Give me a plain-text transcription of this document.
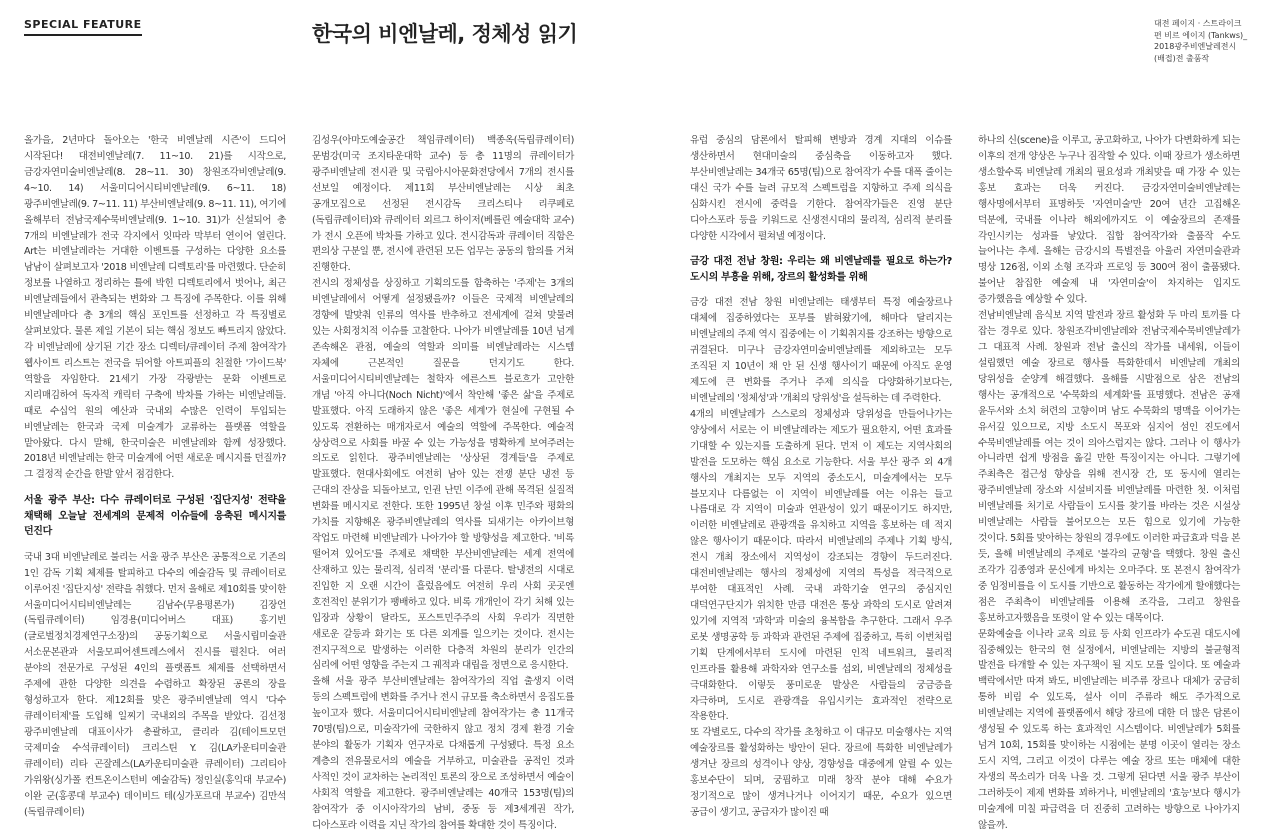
SPECIAL FEATURE	한국의 비엔날레, 정체성 읽기	대전 페이지 · 스트라이크
편 비르 에이지 (Tankws)_
2018광주비엔날레전시
(배접)전 출품작

올가을, 2년마다 돌아오는 '한국 비엔날레 시즌'이 드디어 시작된다! 대전비엔날레(7. 11~10. 21)를 시작으로, 금강자연미술비엔날레(8. 28~11. 30) 창원조각비엔날레(9. 4~10. 14) 서울미디어시티비엔날레(9. 6~11. 18) 광주비엔날레(9. 7~11. 11) 부산비엔날레(9. 8~11. 11), 여기에 올해부터 전남국제수묵비엔날레(9. 1~10. 31)가 신설되어 총 7개의 비엔날레가 전국 각지에서 잇따라 막부터 연이어 열린다. Art는 비엔날레라는 거대한 이벤트를 구성하는 다양한 요소를 남남이 살펴보고자 '2018 비엔날레 디렉토리'를 마련했다. 단순히 정보를 나열하고 정리하는 틀에 박힌 디렉토리에서 벗어나, 최근 비엔날레들에서 관측되는 변화와 그 특징에 주목한다. 이를 위해 비엔날레마다 총 3개의 핵심 포인트를 선정하고 각 특징별로 살펴보았다. 물론 제일 기본이 되는 핵심 정보도 빠트리지 않았다. 각 비엔날레에 상기된 기간 장소 디렉터/큐레이터 주제 참여작가 웹사이트 리스트는 전국을 뒤어할 아트피플의 친절한 '가이드북' 역할을 자임한다. 21세기 가장 각광받는 문화 이벤트로 지리매김하여 독자적 캐릭터 구축에 박차를 가하는 비엔날레들. 때로 수십억 원의 예산과 국내외 수많은 인력이 투입되는 비엔날레는 한국과 국제 미술계가 교류하는 플랫폼 역할을 맡아왔다. 다시 말해, 한국미술은 비엔날레와 함께 성장했다. 2018년 비엔날레는 한국 미술계에 어떤 새로운 메시지를 던질까? 그 결정적 순간을 한발 앞서 점검한다.

서울 광주 부산: 다수 큐레이터로 구성된 '집단지성' 전략을 채택해 오늘날 전세계의 문제적 이슈들에 응축된 메시지를 던진다

국내 3대 비엔날레로 불리는 서울 광주 부산은 공통적으로 기존의 1인 감독 기획 체제를 탈피하고 다수의 예술감독 및 큐레이터로 이루어진 '집단지성' 전략을 취했다. 먼저 올해로 제10회를 맞이한 서울미디어시티비엔날레는 김남수(무용평론가) 김장언(독립큐레이터) 임경용(미디어버스 대표) 홍기빈(글로벌정치경제연구소장)의 공동기획으로 서울시립미술관 서소문본관과 서울모피어센트레스에서 진시를 펼친다. 여러 분야의 전문가로 구성된 4인의 플랫폼트 체제를 선택하면서 주제에 관한 다양한 의견을 수렴하고 확장된 공론의 장을 형성하고자 한다. 제12회를 맞은 광주비엔날레 역시 '다수 큐레이터제'를 도입해 일찌기 국내외의 주목을 받았다. 김선정 광주비엔날레 대표이사가 총괄하고, 클리라 김(테이트모던 국제미술 수석큐레이터) 크리스틴 Y. 김(LA카운티미술관 큐레이터) 리타 곤잘레스(LA카운티미술관 큐레이터) 그리티아 가위왕(싱가폴 컨트온이스턴비 예술감독) 정인실(홍익대 부교수) 이완 군(홍콩대 부교수) 데이비드 테(싱가포르대 부교수) 김만석(독립큐레이터)

김성우(아마도예술공간 책임큐레이터) 백종옥(독립큐레이터) 문범강(미국 조지타운대학 교수) 등 총 11명의 큐레이터가 광주비엔날레 전시관 및 국립아시아문화전당에서 7개의 전시를 선보일 예정이다. 제11회 부산비엔날레는 시상 최초 공개모집으로 선정된 전시감독 크리스티나 리쿠페로(독립큐레이터)와 큐레이터 외르그 하이저(베를린 예술대학 교수)가 전시 오픈에 박차를 가하고 있다. 전시감독과 큐레이터 직함은 편의상 구분일 뿐, 전시에 관련된 모든 업무는 공동의 합의를 거쳐 진행한다.

전시의 정체성을 상징하고 기획의도를 함축하는 '주제'는 3개의 비엔날레에서 어떻게 설정됐을까? 이들은 국제적 비엔날레의 경향에 발맞춰 인류의 역사를 반추하고 전세계에 걸쳐 맞물려 있는 사회정치적 이슈를 고찰한다. 나아가 비엔날레를 10년 넘게 존속해온 관점, 예술의 역할과 의미를 비엔날레라는 시스템 자체에 근본적인 질문을 던지기도 한다. 서울미디어시티비엔날레는 철학자 에른스트 블로흐가 고안한 개념 '아직 아니다(Noch Nicht)'에서 착안해 '좋은 삶'을 주제로 발표했다. 아직 도래하지 않은 '좋은 세계'가 현실에 구현될 수 있도록 전환하는 매개자로서 예술의 역할에 주목한다. 예술적 상상력으로 사회를 바꿀 수 있는 가능성을 명확하게 보여주려는 의도로 읽힌다. 광주비엔날레는 '상상된 경계들'을 주제로 발표했다. 현대사회에도 여전히 남아 있는 전쟁 분단 냉전 등 근대의 잔상을 되돌아보고, 인권 난민 이주에 관해 목격된 실질적 변화를 메시지로 전한다. 또한 1995년 창설 이후 민주와 평화의 가치를 지향해온 광주비엔날레의 역사를 되새기는 아카이브형 작업도 마련해 비엔날레가 나아가야 할 방향성을 제고한다. '비록 떨어져 있어도'를 주제로 채택한 부산비엔날레는 세계 전역에 산재하고 있는 물리적, 심리적 '분리'를 다룬다. 탈냉전의 시대로 진입한 지 오랜 시간이 흘렀음에도 여전히 우리 사회 곳곳엔 호전적인 분위기가 팽배하고 있다. 비록 개개인이 각기 처해 있는 입장과 상황이 달라도, 포스트민주주의 사회 우리가 직면한 새로운 갈등과 화기는 또 다른 외계를 일으키는 것이다. 전시는 전지구적으로 발생하는 이러한 다층적 차원의 분리가 인간의 심리에 어떤 영향을 주는지 그 궤적과 대립을 정면으로 응시한다.

올해 서울 광주 부산비엔날레는 참여작가의 직업 출생지 이력 등의 스펙트럼에 변화를 주거나 전시 규모를 축소하면서 응집도를 높이고자 했다. 서울미디어시티비엔날레 참여작가는 총 11개국 70명(팀)으로, 미술작가에 국한하지 않고 정치 경제 환경 기술 분야의 활동가 기획자 연구자로 다채롭게 구성됐다. 특정 요소 계층의 전유물로서의 예술을 거부하고, 미술관을 공적인 것과 사적인 것이 교차하는 논리적인 토론의 장으로 조성하면서 예술이 사회적 역할을 제고한다. 광주비엔날레는 40개국 153명(팀)의 참여작가 중 이시아작가의 남비, 중동 등 제3세계권 작가, 디아스포라 이력을 지닌 작가의 참여를 확대한 것이 특징이다.

유럽 중심의 담론에서 탈피해 변방과 경계 지대의 이슈를 생산하면서 현대미술의 중심축을 이동하고자 했다. 부산비엔날레는 34개국 65명(팀)으로 참여작가 수를 대폭 줄이는 대신 국가 수를 늘려 규모적 스펙트럼을 지향하고 주제 의식을 심화시킨 전시에 중력을 기한다. 참여작가들은 진영 분단 디아스포라 등을 키워드로 신생전시대의 물리적, 심리적 분리를 다양한 시각에서 펼쳐낼 예정이다.

금강 대전 전남 창원: 우리는 왜 비엔날레를 필요로 하는가? 도시의 부흥을 위해, 장르의 활성화를 위해

금강 대전 전남 창원 비엔날레는 태생부터 특정 예술장르나 대체에 집중하였다는 포부를 밝혀왔기에, 해마다 달리지는 비엔날레의 주제 역시 집중에는 이 기획취지를 강조하는 방향으로 귀결된다. 미구나 금강자연미술비엔날레를 제외하고는 모두 조직된 지 10년이 채 안 된 신생 행사이기 때문에 아직도 운영 제도에 큰 변화를 주거나 주제 의식을 다양화하기보다는, 비엔날레의 '정체성'과 '개최의 당위성'을 설득하는 데 주력한다.

4개의 비엔날레가 스스로의 정체성과 당위성을 만들어나가는 양상에서 서로는 이 비엔날레라는 제도가 필요한지, 어떤 효과를 기대할 수 있는지를 도출하게 된다. 먼저 이 제도는 지역사회의 발전을 도모하는 핵심 요소로 기능한다. 서울 부산 광주 외 4개 행사의 개최지는 모두 지역의 중소도시, 미술계에서는 모두 블모지나 다름없는 이 지역이 비엔날레를 여는 이유는 들고 나름대로 각 지역이 미술과 연관성이 있기 때문이기도 하지만, 이러한 비엔날레로 관광객을 유치하고 지역을 홍보하는 데 적지 않은 행사이기 때문이다. 따라서 비엔날레의 주제나 기획 방식, 전시 개최 장소에서 지역성이 강조되는 경향이 두드러진다. 대전비엔날레는 행사의 정체성에 지역의 특성을 적극적으로 부여한 대표적인 사례. 국내 과학기술 연구의 중심지인 대덕연구단지가 위치한 만큼 대전은 통상 과학의 도시로 알려져 있기에 지역적 '과학'과 미술의 융복합을 추구한다. 그래서 우주 로봇 생명공학 등 과학과 관련된 주제에 집중하고, 특히 이번처럼 기획 단계에서부터 도시에 마련된 인적 네트워크, 물리적 인프라를 활용해 과학자와 연구소를 섭외, 비엔날레의 정체성을 극대화한다. 이렇듯 풍미로운 발상은 사람들의 궁금증을 자극하며, 도시로 관광객을 유입시키는 효과적인 전략으로 작용한다.

또 각별로도, 다수의 작가를 초청하고 이 대규모 미술행사는 지역 예술장르를 활성화하는 방안이 된다. 장르에 특화한 비엔날레가 생겨난 장르의 성격이나 양상, 경향성을 대중에게 알릴 수 있는 홍보수단이 되며, 궁핍하고 미래 창작 분야 대해 수요가 정기적으로 많이 생겨나거나 이어지기 때문, 수요가 있으면 공급이 생기고, 공급자가 많이진 때

하나의 신(scene)을 이루고, 공고화하고, 나아가 다변화하게 되는 이후의 전개 양상은 누구나 짐작할 수 있다. 이때 장르가 생소하면 생소할수록 비엔날레 개최의 필요성과 개최맞을 때 가장 수 있는 홍보 효과는 더욱 커진다. 금강자연미술비엔날레는 행사명에서부터 표명하듯 '자연미술'만 20여 년간 고집해온 덕분에, 국내를 이나라 해외에까지도 이 예술장르의 존재를 각인시키는 성과를 낳았다. 집합 참여작가와 출품작 수도 늘어나는 추세. 올해는 금강시의 특별전을 아울러 자연미술관과 명상 126점, 이외 소형 조각과 프로잉 등 300여 점이 출품됐다. 불어난 참집한 예술제 내 '자연미술'이 차지하는 입지도 증가했음을 예상할 수 있다.

전남비엔날레 음식보 지역 발전과 장르 활성화 두 마리 토끼를 다 잡는 경우로 있다. 창원조각비엔날레와 전남국제수묵비엔날레가 그 대표적 사례. 창원과 전남 출신의 작가를 내세워, 이들이 설립했던 예술 장르로 행사를 특화한데서 비엔날레 개최의 당위성을 순양계 해결했다. 올해를 시발점으로 삼은 전남의 행사는 공개적으로 '수묵화의 세계화'를 표명했다. 전남은 공재 윤두서와 소치 허련의 고향이며 남도 수묵화의 명맥을 이어가는 유서깊 있으므로, 지방 소도시 목포와 심지어 섬인 진도에서 수묵비엔날레를 여는 것이 의아스럽지는 않다. 그러나 이 행사가 아니라면 쉽게 방점을 옮길 만한 특징이지는 아니다. 그렇기에 주최측은 접근성 향상을 위해 전시장 간, 또 동시에 열리는 광주비엔날레 장소와 시설비지를 비엔날레를 마련한 첫. 이처럼 비엔날레를 처기로 사람들이 도시를 찾기를 바라는 것은 시설상 비엔날레는 사람들 불어모으는 모든 힘으로 있기에 가능한 것이다. 5회를 맞아하는 창원의 경우에도 이러한 파급효과 덕을 본 듯, 올해 비엔날레의 주제로 '불각의 균형'을 택했다. 창원 출신 조각가 김종영과 문신에게 바치는 오마주다. 또 본전시 참여작가 중 임정비를을 이 도시를 기반으로 활동하는 작가에게 할애했다는 점은 주최측이 비엔날레를 이용해 조각을, 그리고 창원을 홍보하고자했음을 또렷이 알 수 있는 대목이다.

문화예술을 이나라 교육 의료 등 사회 인프라가 수도권 대도시에 집중해있는 한국의 현 실정에서, 비엔날레는 지방의 불균형적 발전을 타개할 수 있는 자구책이 될 지도 모를 일이다. 또 예술과 백락에서만 따져 봐도, 비엔날레는 비주류 장르나 대체가 궁금히 통하 비림 수 있도록, 설사 이미 주류라 해도 주가적으로 비엔날레는 지역에 플랫폼에서 해당 장르에 대한 더 많은 담론이 생성될 수 있도록 하는 효과적인 시스템이다. 비엔날레가 5회를 넘겨 10회, 15회를 맞이하는 시점에는 분명 이곳이 열리는 장소 도시 지역, 그리고 이것이 다루는 예술 장르 또는 매체에 대한 자생의 목소리가 더욱 나올 것. 그렇게 된다면 서울 광주 부산이 그러하듯이 제제 변화를 꾀하거나, 비엔날레의 '효능'보다 행시가 미술계에 미칠 파급력을 더 진중히 고려하는 방향으로 나아가지 않을까.
